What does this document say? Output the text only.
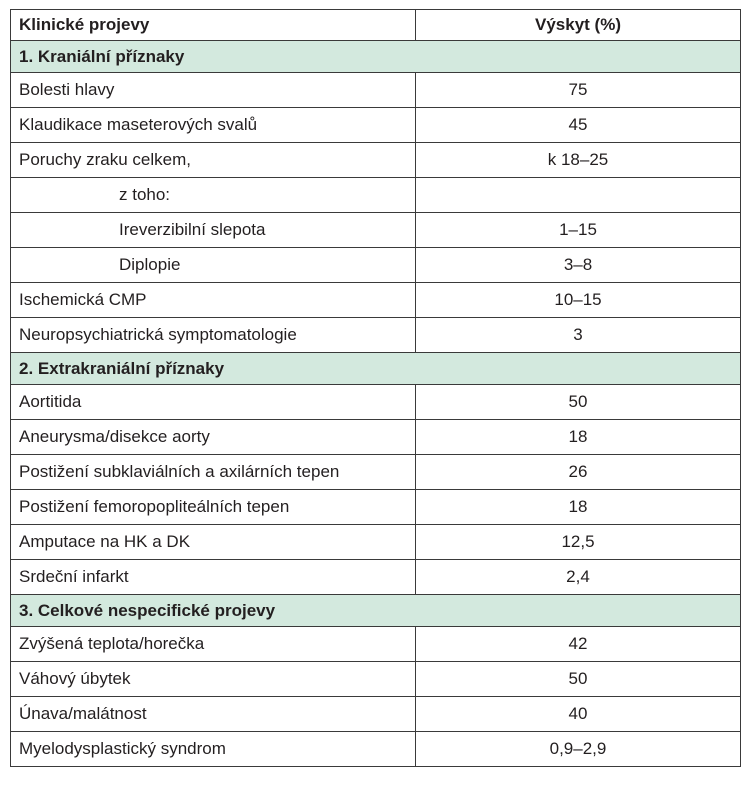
Klinické projevy	Výskyt (%)
1. Kraniální příznaky	
Bolesti hlavy	75
Klaudikace maseterových svalů	45
Poruchy zraku celkem,	k 18–25
z toho:	
Ireverzibilní slepota	1–15
Diplopie	3–8
Ischemická CMP	10–15
Neuropsychiatrická symptomatologie	3
2. Extrakraniální příznaky	
Aortitida	50
Aneurysma/disekce aorty	18
Postižení subklaviálních a axilárních tepen	26
Postižení femoropopliteálních tepen	18
Amputace na HK a DK	12,5
Srdeční infarkt	2,4
3. Celkové nespecifické projevy	
Zvýšená teplota/horečka	42
Váhový úbytek	50
Únava/malátnost	40
Myelodysplastický syndrom	0,9–2,9
